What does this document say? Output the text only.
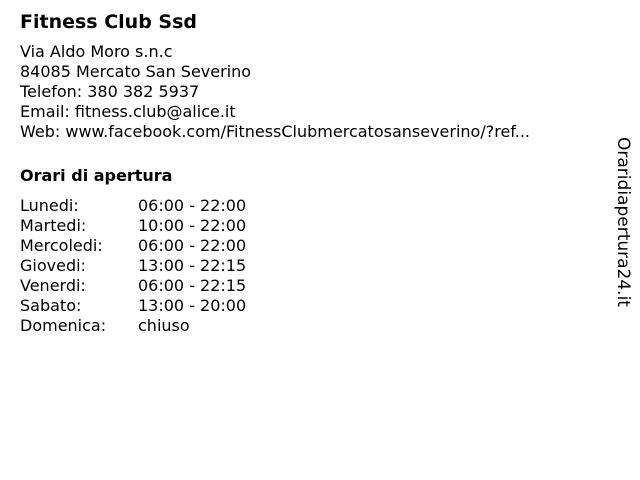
Fitness Club Ssd
Via Aldo Moro s.n.c
84085 Mercato San Severino
Telefon: 380 382 5937
Email: fitness.club@alice.it
Web: www.facebook.com/FitnessClubmercatosanseverino/?ref...
Orari di apertura
Lunedi:	06:00 - 22:00
Martedi:	10:00 - 22:00
Mercoledi:	06:00 - 22:00
Giovedi:	13:00 - 22:15
Venerdi:	06:00 - 22:15
Sabato:	13:00 - 20:00
Domenica:	chiuso
Oraridiapertura24.it
